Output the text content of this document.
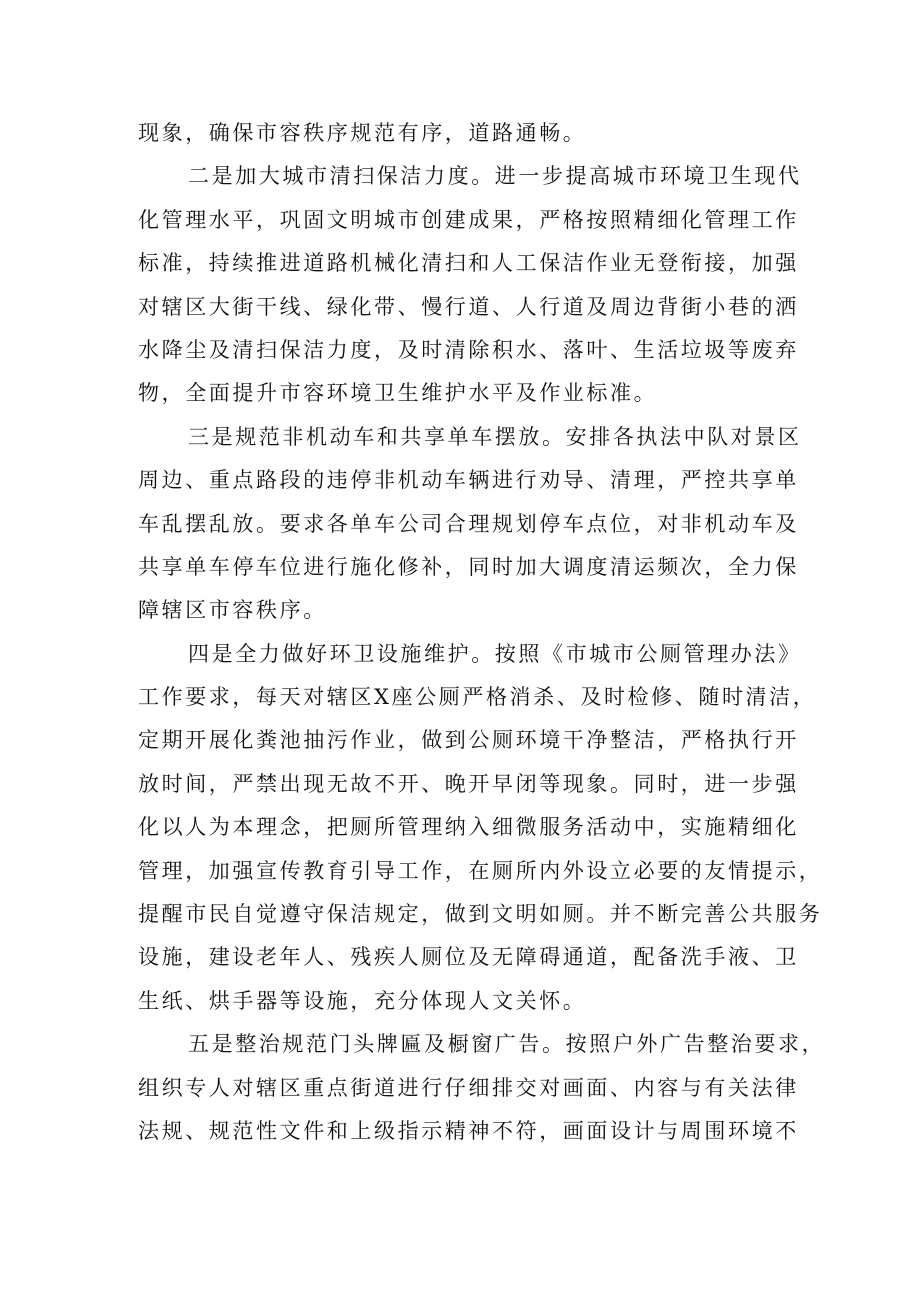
现象，确保市容秩序规范有序，道路通畅。
二是加大城市清扫保洁力度。进一步提高城市环境卫生现代
化管理水平，巩固文明城市创建成果，严格按照精细化管理工作
标准，持续推进道路机械化清扫和人工保洁作业无登衔接，加强
对辖区大街干线、绿化带、慢行道、人行道及周边背街小巷的洒
水降尘及清扫保洁力度，及时清除积水、落叶、生活垃圾等废弃
物，全面提升市容环境卫生维护水平及作业标准。
三是规范非机动车和共享单车摆放。安排各执法中队对景区
周边、重点路段的违停非机动车辆进行劝导、清理，严控共享单
车乱摆乱放。要求各单车公司合理规划停车点位，对非机动车及
共享单车停车位进行施化修补，同时加大调度清运频次，全力保
障辖区市容秩序。
四是全力做好环卫设施维护。按照《市城市公厕管理办法》
工作要求，每天对辖区X座公厕严格消杀、及时检修、随时清洁，
定期开展化粪池抽污作业，做到公厕环境干净整洁，严格执行开
放时间，严禁出现无故不开、晚开早闭等现象。同时，进一步强
化以人为本理念，把厕所管理纳入细微服务活动中，实施精细化
管理，加强宣传教育引导工作，在厕所内外设立必要的友情提示，
提醒市民自觉遵守保洁规定，做到文明如厕。并不断完善公共服务
设施，建设老年人、残疾人厕位及无障碍通道，配备洗手液、卫
生纸、烘手器等设施，充分体现人文关怀。
五是整治规范门头牌匾及橱窗广告。按照户外广告整治要求，
组织专人对辖区重点街道进行仔细排交对画面、内容与有关法律
法规、规范性文件和上级指示精神不符，画面设计与周围环境不
